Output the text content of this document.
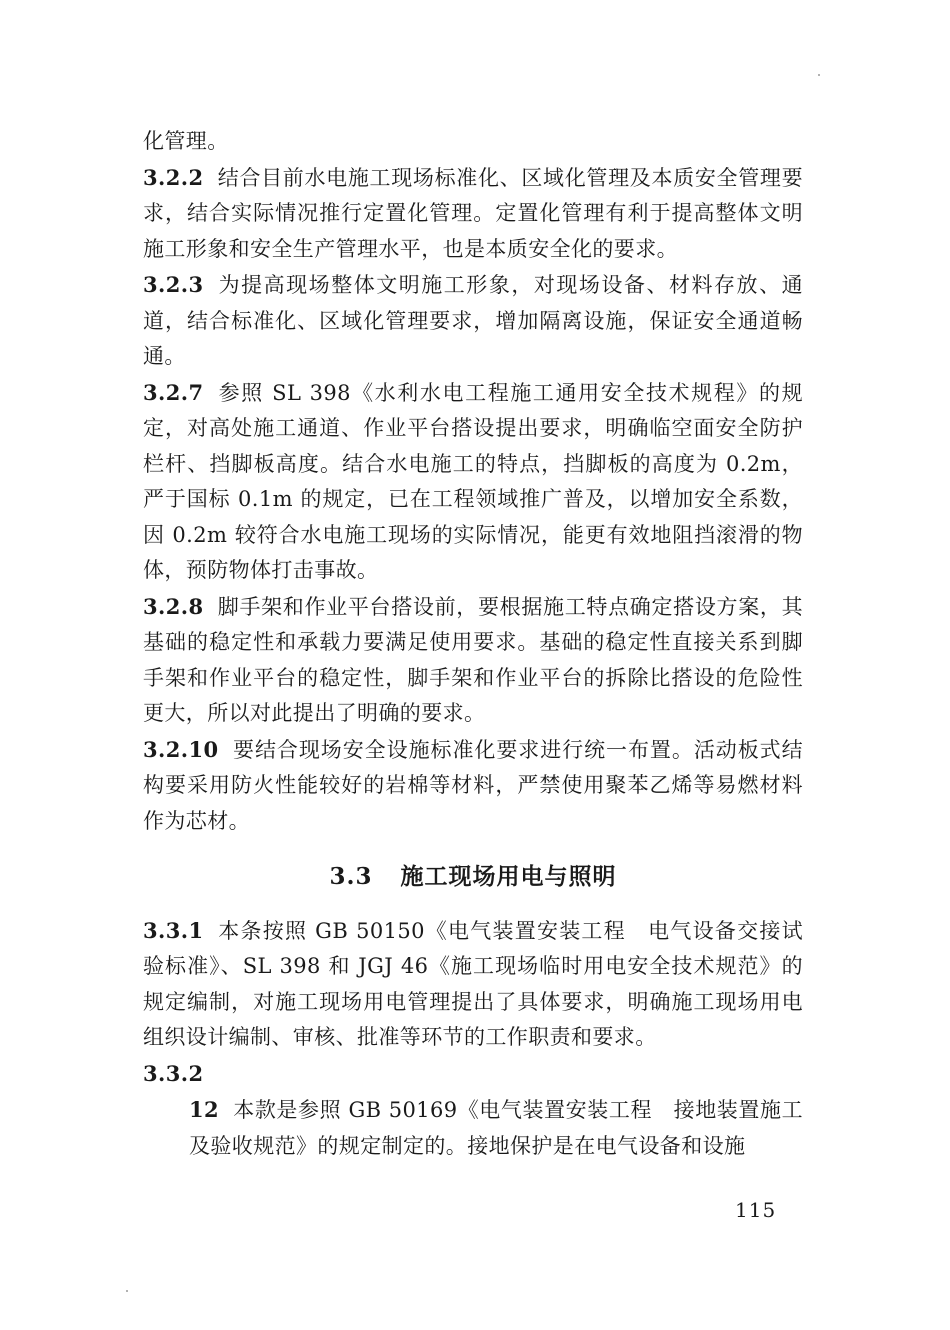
化管理。

3.2.2 结合目前水电施工现场标准化、区域化管理及本质安全管理要求，结合实际情况推行定置化管理。定置化管理有利于提高整体文明施工形象和安全生产管理水平，也是本质安全化的要求。

3.2.3 为提高现场整体文明施工形象，对现场设备、材料存放、通道，结合标准化、区域化管理要求，增加隔离设施，保证安全通道畅通。

3.2.7 参照 SL 398《水利水电工程施工通用安全技术规程》的规定，对高处施工通道、作业平台搭设提出要求，明确临空面安全防护栏杆、挡脚板高度。结合水电施工的特点，挡脚板的高度为 0.2m，严于国标 0.1m 的规定，已在工程领域推广普及，以增加安全系数，因 0.2m 较符合水电施工现场的实际情况，能更有效地阻挡滚滑的物体，预防物体打击事故。

3.2.8 脚手架和作业平台搭设前，要根据施工特点确定搭设方案，其基础的稳定性和承载力要满足使用要求。基础的稳定性直接关系到脚手架和作业平台的稳定性，脚手架和作业平台的拆除比搭设的危险性更大，所以对此提出了明确的要求。

3.2.10 要结合现场安全设施标准化要求进行统一布置。活动板式结构要采用防火性能较好的岩棉等材料，严禁使用聚苯乙烯等易燃材料作为芯材。

3.3 施工现场用电与照明

3.3.1 本条按照 GB 50150《电气装置安装工程　电气设备交接试验标准》、SL 398 和 JGJ 46《施工现场临时用电安全技术规范》的规定编制，对施工现场用电管理提出了具体要求，明确施工现场用电组织设计编制、审核、批准等环节的工作职责和要求。

3.3.2

12 本款是参照 GB 50169《电气装置安装工程　接地装置施工及验收规范》的规定制定的。接地保护是在电气设备和设施

115
